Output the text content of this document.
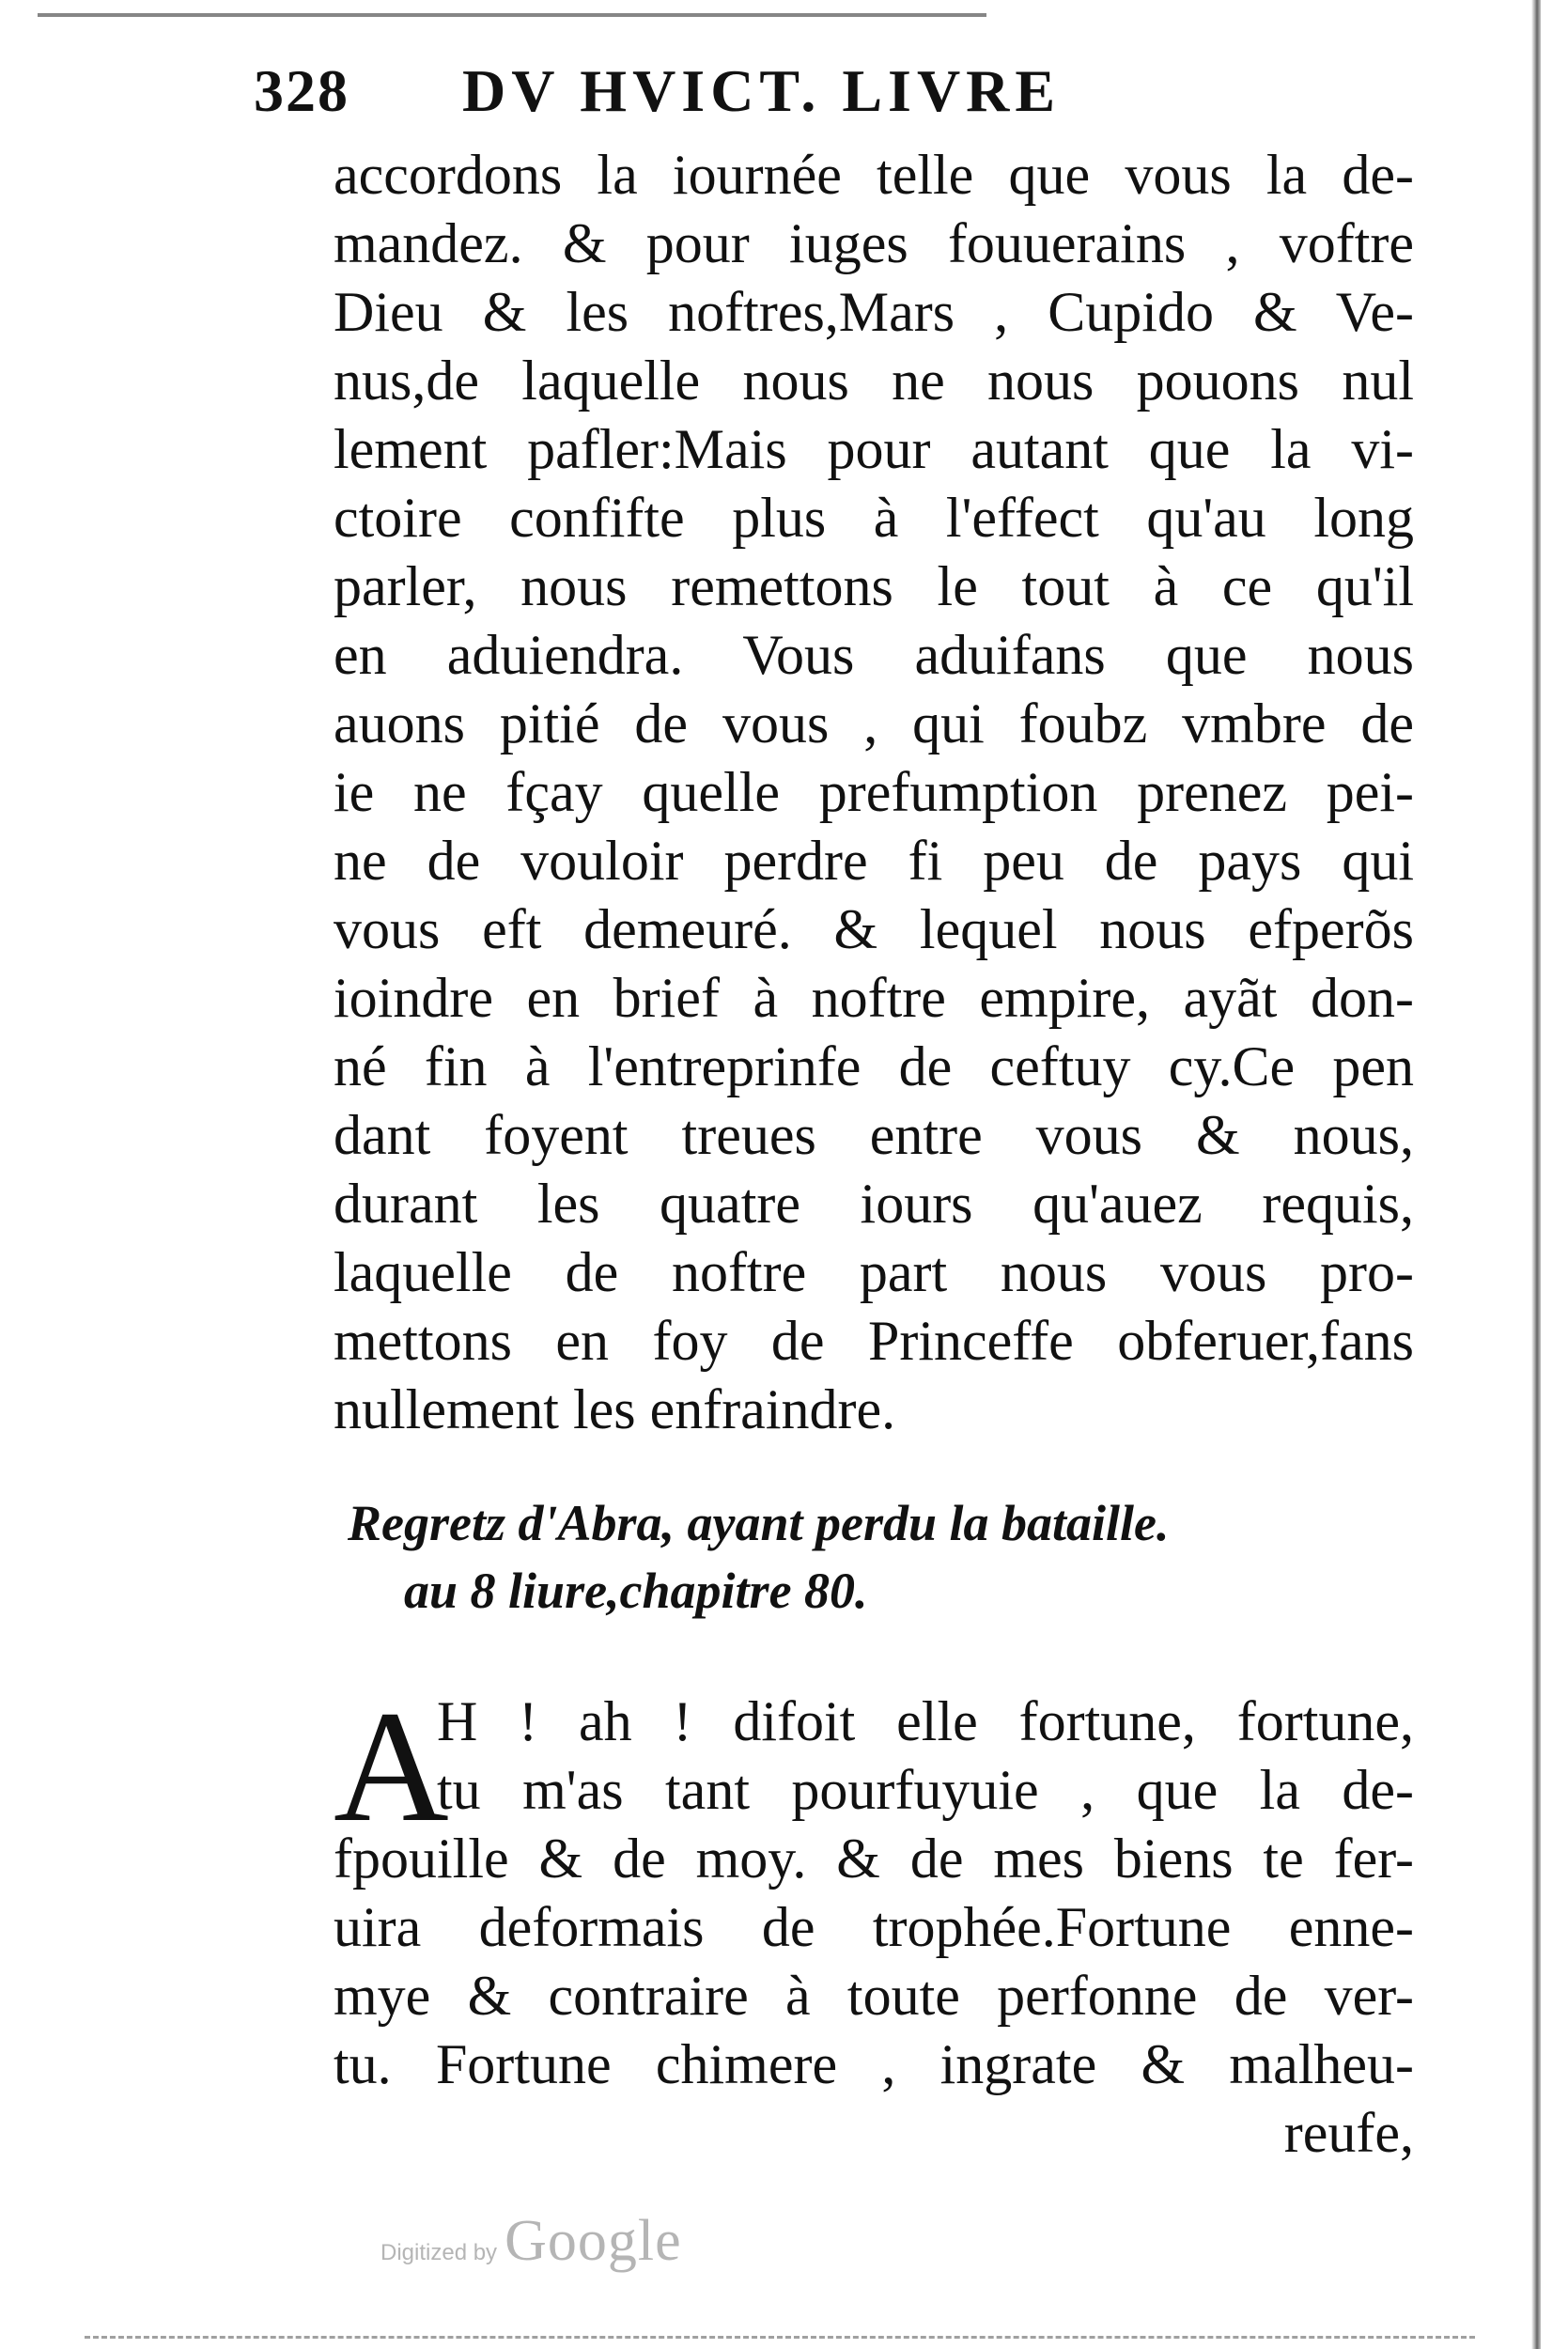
328 DV HVICT. LIVRE
accordons la iournée telle que vous la de-
mandez. & pour iuges fouuerains , voftre
Dieu & les noftres,Mars , Cupido & Ve-
nus,de laquelle nous ne nous pouons nul
lement pafler:Mais pour autant que la vi-
ctoire confifte plus à l'effect qu'au long
parler, nous remettons le tout à ce qu'il
en aduiendra. Vous aduifans que nous
auons pitié de vous , qui foubz vmbre de
ie ne fçay quelle prefumption prenez pei-
ne de vouloir perdre fi peu de pays qui
vous eft demeuré. & lequel nous efperõs
ioindre en brief à noftre empire, ayãt don-
né fin à l'entreprinfe de ceftuy cy.Ce pen
dant foyent treues entre vous & nous,
durant les quatre iours qu'auez requis,
laquelle de noftre part nous vous pro-
mettons en foy de Princeffe obferuer,fans
nullement les enfraindre.
Regretz d'Abra, ayant perdu la bataille.
au 8 liure,chapitre 80.
A
H ! ah ! difoit elle fortune, fortune,
tu m'as tant pourfuyuie , que la de-
fpouille & de moy. & de mes biens te fer-
uira deformais de trophée.Fortune enne-
mye & contraire à toute perfonne de ver-
tu. Fortune chimere , ingrate & malheu-
reufe,
Digitized by Google
